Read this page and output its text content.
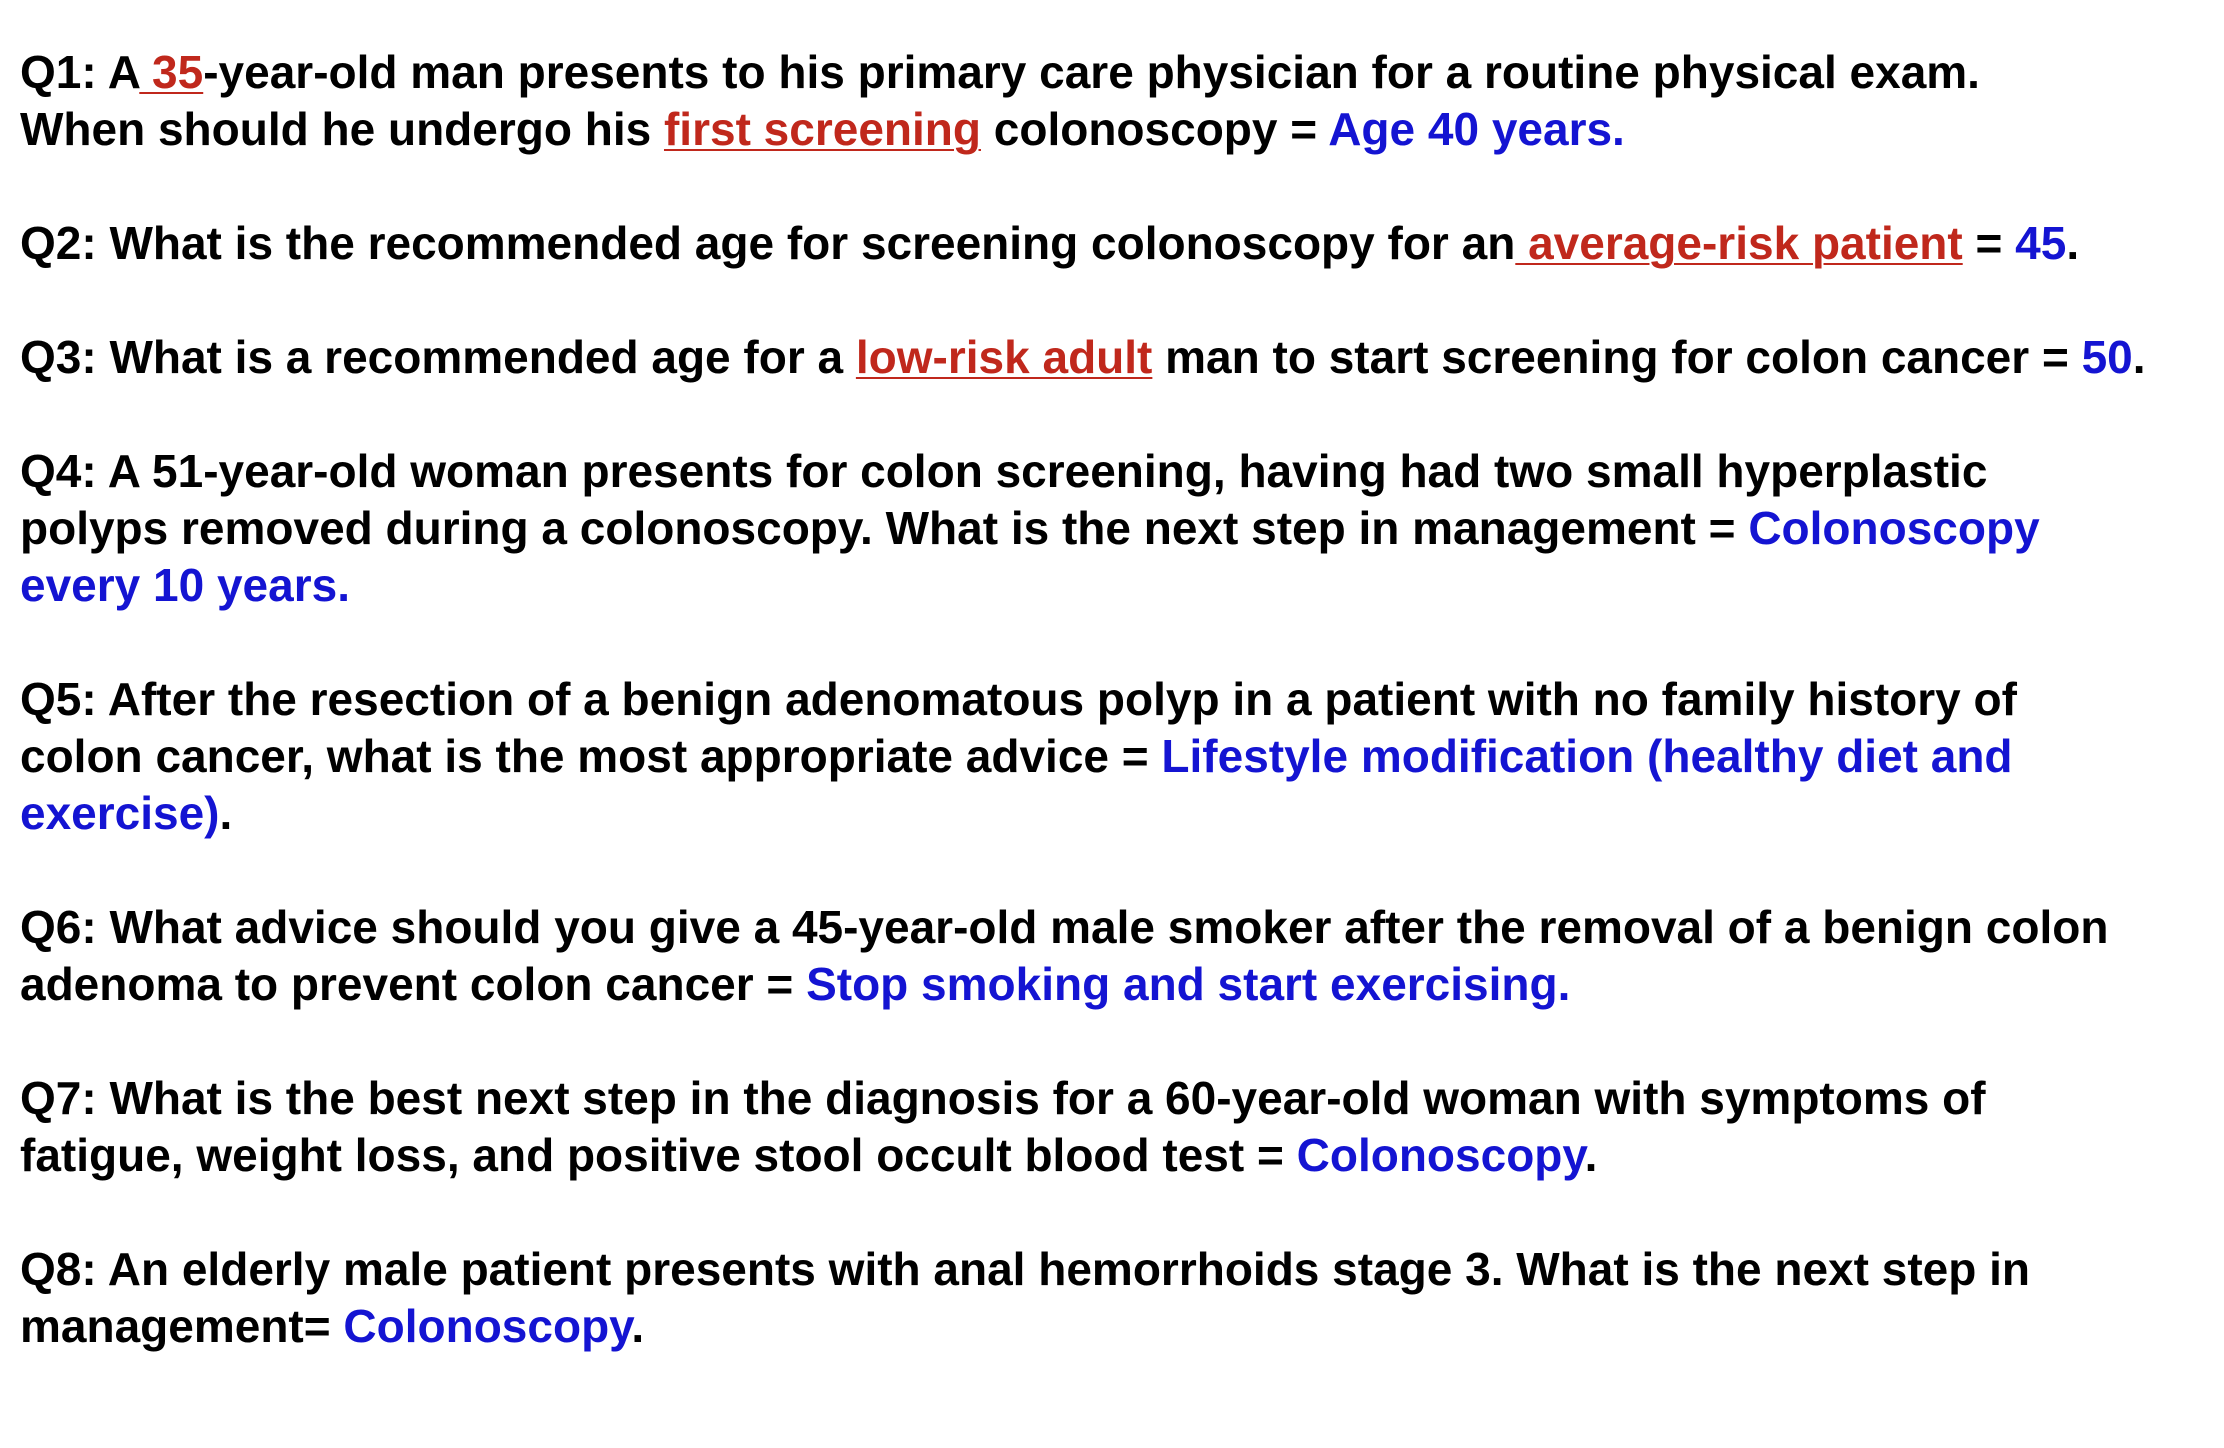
Q1: A 35-year-old man presents to his primary care physician for a routine physical exam.
When should he undergo his first screening colonoscopy = Age 40 years.

Q2: What is the recommended age for screening colonoscopy for an average-risk patient = 45.

Q3: What is a recommended age for a low-risk adult man to start screening for colon cancer = 50.

Q4: A 51-year-old woman presents for colon screening, having had two small hyperplastic
polyps removed during a colonoscopy. What is the next step in management = Colonoscopy
every 10 years.

Q5: After the resection of a benign adenomatous polyp in a patient with no family history of
colon cancer, what is the most appropriate advice = Lifestyle modification (healthy diet and
exercise).

Q6: What advice should you give a 45-year-old male smoker after the removal of a benign colon
adenoma to prevent colon cancer = Stop smoking and start exercising.

Q7: What is the best next step in the diagnosis for a 60-year-old woman with symptoms of
fatigue, weight loss, and positive stool occult blood test = Colonoscopy.

Q8: An elderly male patient presents with anal hemorrhoids stage 3. What is the next step in
management= Colonoscopy.
